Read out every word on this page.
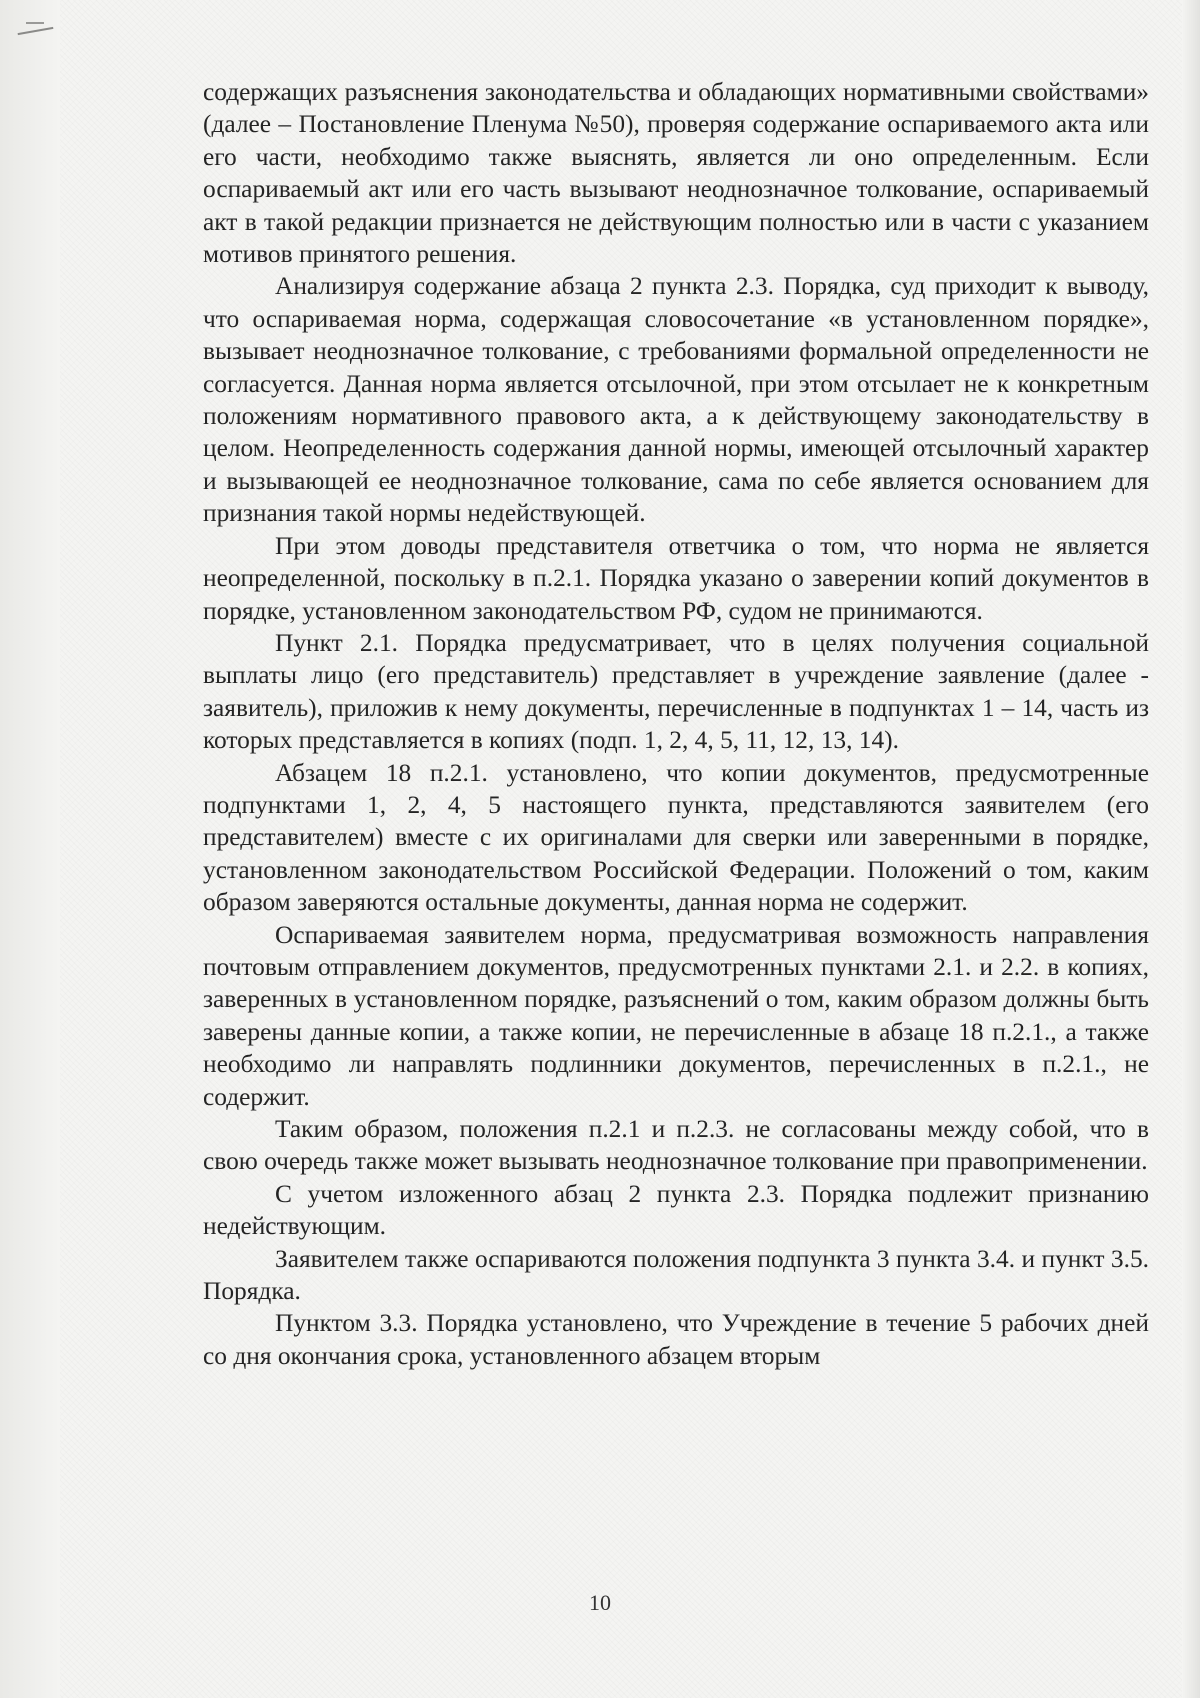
содержащих разъяснения законодательства и обладающих нормативными свойствами» (далее – Постановление Пленума №50), проверяя содержание оспариваемого акта или его части, необходимо также выяснять, является ли оно определенным. Если оспариваемый акт или его часть вызывают неоднозначное толкование, оспариваемый акт в такой редакции признается не действующим полностью или в части с указанием мотивов принятого решения.

Анализируя содержание абзаца 2 пункта 2.3. Порядка, суд приходит к выводу, что оспариваемая норма, содержащая словосочетание «в установленном порядке», вызывает неоднозначное толкование, с требованиями формальной определенности не согласуется. Данная норма является отсылочной, при этом отсылает не к конкретным положениям нормативного правового акта, а к действующему законодательству в целом. Неопределенность содержания данной нормы, имеющей отсылочный характер и вызывающей ее неоднозначное толкование, сама по себе является основанием для признания такой нормы недействующей.

При этом доводы представителя ответчика о том, что норма не является неопределенной, поскольку в п.2.1. Порядка указано о заверении копий документов в порядке, установленном законодательством РФ, судом не принимаются.

Пункт 2.1. Порядка предусматривает, что в целях получения социальной выплаты лицо (его представитель) представляет в учреждение заявление (далее - заявитель), приложив к нему документы, перечисленные в подпунктах 1 – 14, часть из которых представляется в копиях (подп. 1, 2, 4, 5, 11, 12, 13, 14).

Абзацем 18 п.2.1. установлено, что копии документов, предусмотренные подпунктами 1, 2, 4, 5 настоящего пункта, представляются заявителем (его представителем) вместе с их оригиналами для сверки или заверенными в порядке, установленном законодательством Российской Федерации. Положений о том, каким образом заверяются остальные документы, данная норма не содержит.

Оспариваемая заявителем норма, предусматривая возможность направления почтовым отправлением документов, предусмотренных пунктами 2.1. и 2.2. в копиях, заверенных в установленном порядке, разъяснений о том, каким образом должны быть заверены данные копии, а также копии, не перечисленные в абзаце 18 п.2.1., а также необходимо ли направлять подлинники документов, перечисленных в п.2.1., не содержит.

Таким образом, положения п.2.1 и п.2.3. не согласованы между собой, что в свою очередь также может вызывать неоднозначное толкование при правоприменении.

С учетом изложенного абзац 2 пункта 2.3. Порядка подлежит признанию недействующим.

Заявителем также оспариваются положения подпункта 3 пункта 3.4. и пункт 3.5. Порядка.

Пунктом 3.3. Порядка установлено, что Учреждение в течение 5 рабочих дней со дня окончания срока, установленного абзацем вторым

10
